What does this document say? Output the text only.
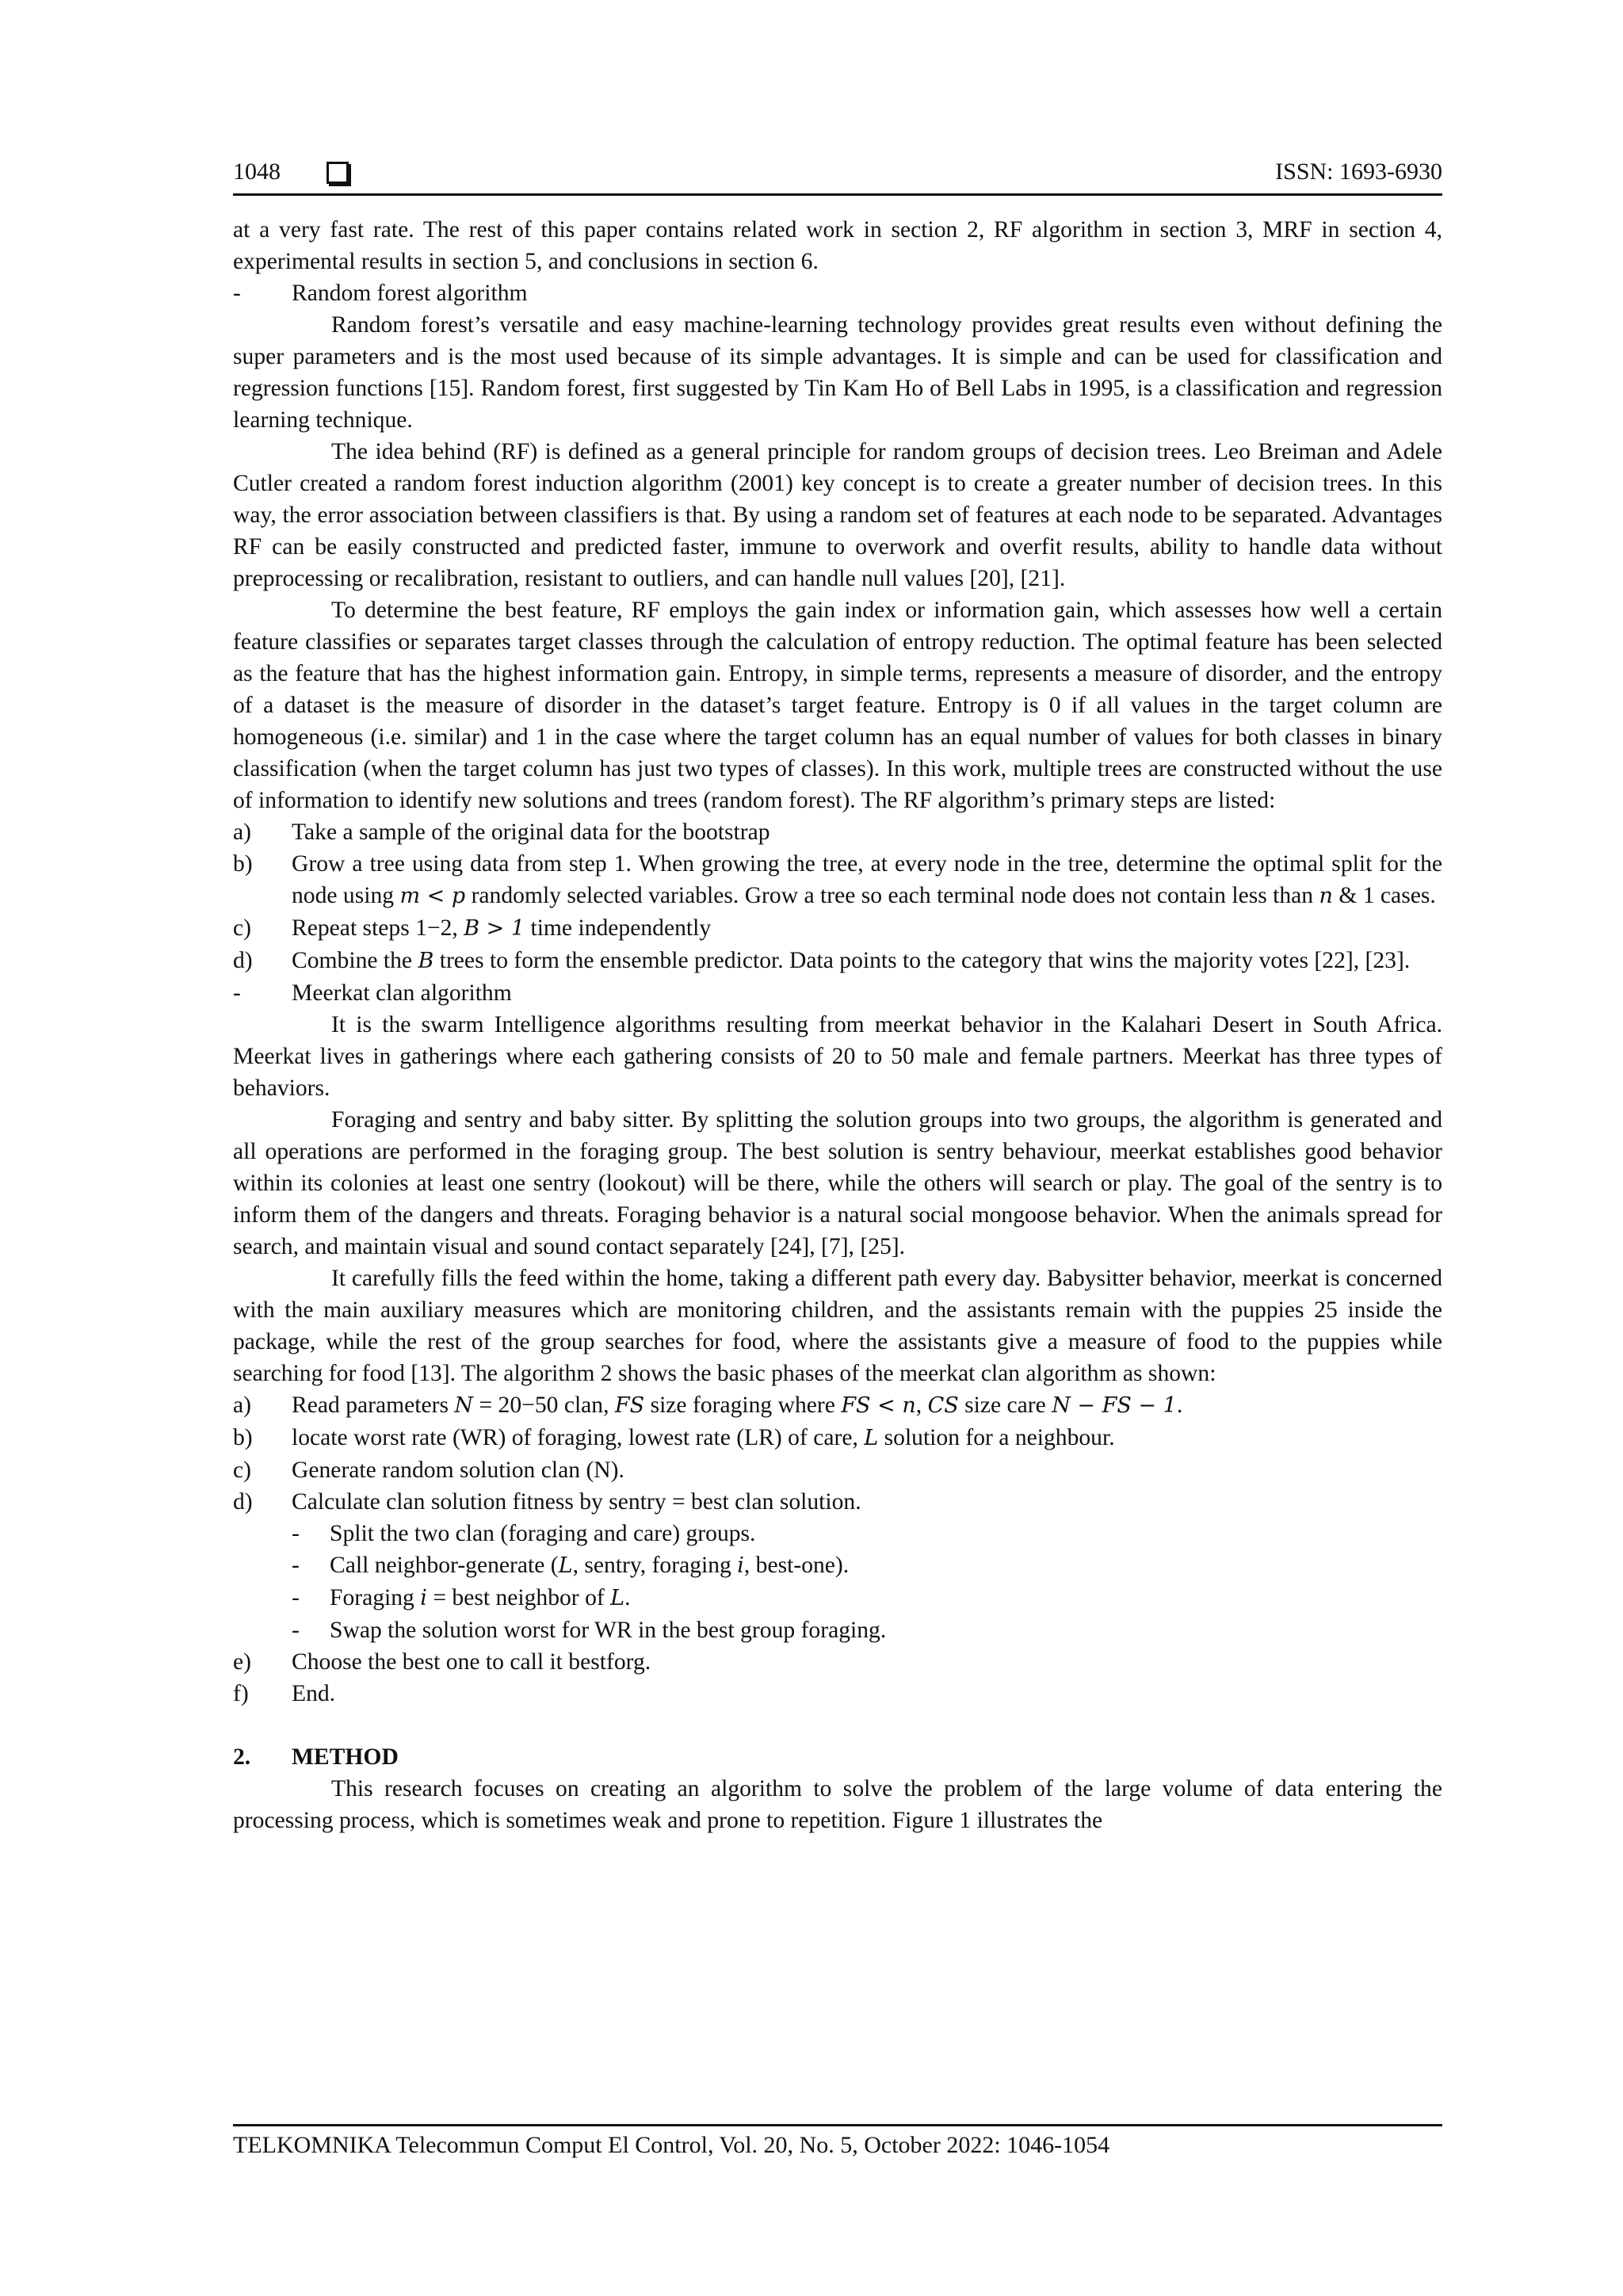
1048	ISSN: 1693-6930

at a very fast rate. The rest of this paper contains related work in section 2, RF algorithm in section 3, MRF in section 4, experimental results in section 5, and conclusions in section 6.

-	Random forest algorithm

Random forest’s versatile and easy machine-learning technology provides great results even without defining the super parameters and is the most used because of its simple advantages. It is simple and can be used for classification and regression functions [15]. Random forest, first suggested by Tin Kam Ho of Bell Labs in 1995, is a classification and regression learning technique.

The idea behind (RF) is defined as a general principle for random groups of decision trees. Leo Breiman and Adele Cutler created a random forest induction algorithm (2001) key concept is to create a greater number of decision trees. In this way, the error association between classifiers is that. By using a random set of features at each node to be separated. Advantages RF can be easily constructed and predicted faster, immune to overwork and overfit results, ability to handle data without preprocessing or recalibration, resistant to outliers, and can handle null values [20], [21].

To determine the best feature, RF employs the gain index or information gain, which assesses how well a certain feature classifies or separates target classes through the calculation of entropy reduction. The optimal feature has been selected as the feature that has the highest information gain. Entropy, in simple terms, represents a measure of disorder, and the entropy of a dataset is the measure of disorder in the dataset’s target feature. Entropy is 0 if all values in the target column are homogeneous (i.e. similar) and 1 in the case where the target column has an equal number of values for both classes in binary classification (when the target column has just two types of classes). In this work, multiple trees are constructed without the use of information to identify new solutions and trees (random forest). The RF algorithm’s primary steps are listed:

a)	Take a sample of the original data for the bootstrap
b)	Grow a tree using data from step 1. When growing the tree, at every node in the tree, determine the optimal split for the node using m < p randomly selected variables. Grow a tree so each terminal node does not contain less than n & 1 cases.
c)	Repeat steps 1−2, B > 1 time independently
d)	Combine the B trees to form the ensemble predictor. Data points to the category that wins the majority votes [22], [23].
-	Meerkat clan algorithm

It is the swarm Intelligence algorithms resulting from meerkat behavior in the Kalahari Desert in South Africa. Meerkat lives in gatherings where each gathering consists of 20 to 50 male and female partners. Meerkat has three types of behaviors.

Foraging and sentry and baby sitter. By splitting the solution groups into two groups, the algorithm is generated and all operations are performed in the foraging group. The best solution is sentry behaviour, meerkat establishes good behavior within its colonies at least one sentry (lookout) will be there, while the others will search or play. The goal of the sentry is to inform them of the dangers and threats. Foraging behavior is a natural social mongoose behavior. When the animals spread for search, and maintain visual and sound contact separately [24], [7], [25].

It carefully fills the feed within the home, taking a different path every day. Babysitter behavior, meerkat is concerned with the main auxiliary measures which are monitoring children, and the assistants remain with the puppies 25 inside the package, while the rest of the group searches for food, where the assistants give a measure of food to the puppies while searching for food [13]. The algorithm 2 shows the basic phases of the meerkat clan algorithm as shown:

a)	Read parameters N = 20−50 clan, FS size foraging where FS < n, CS size care N − FS − 1.
b)	locate worst rate (WR) of foraging, lowest rate (LR) of care, L solution for a neighbour.
c)	Generate random solution clan (N).
d)	Calculate clan solution fitness by sentry = best clan solution.
-	Split the two clan (foraging and care) groups.
-	Call neighbor-generate (L, sentry, foraging i, best-one).
-	Foraging i = best neighbor of L.
-	Swap the solution worst for WR in the best group foraging.
e)	Choose the best one to call it bestforg.
f)	End.
2.	METHOD

This research focuses on creating an algorithm to solve the problem of the large volume of data entering the processing process, which is sometimes weak and prone to repetition. Figure 1 illustrates the

TELKOMNIKA Telecommun Comput El Control, Vol. 20, No. 5, October 2022: 1046-1054
